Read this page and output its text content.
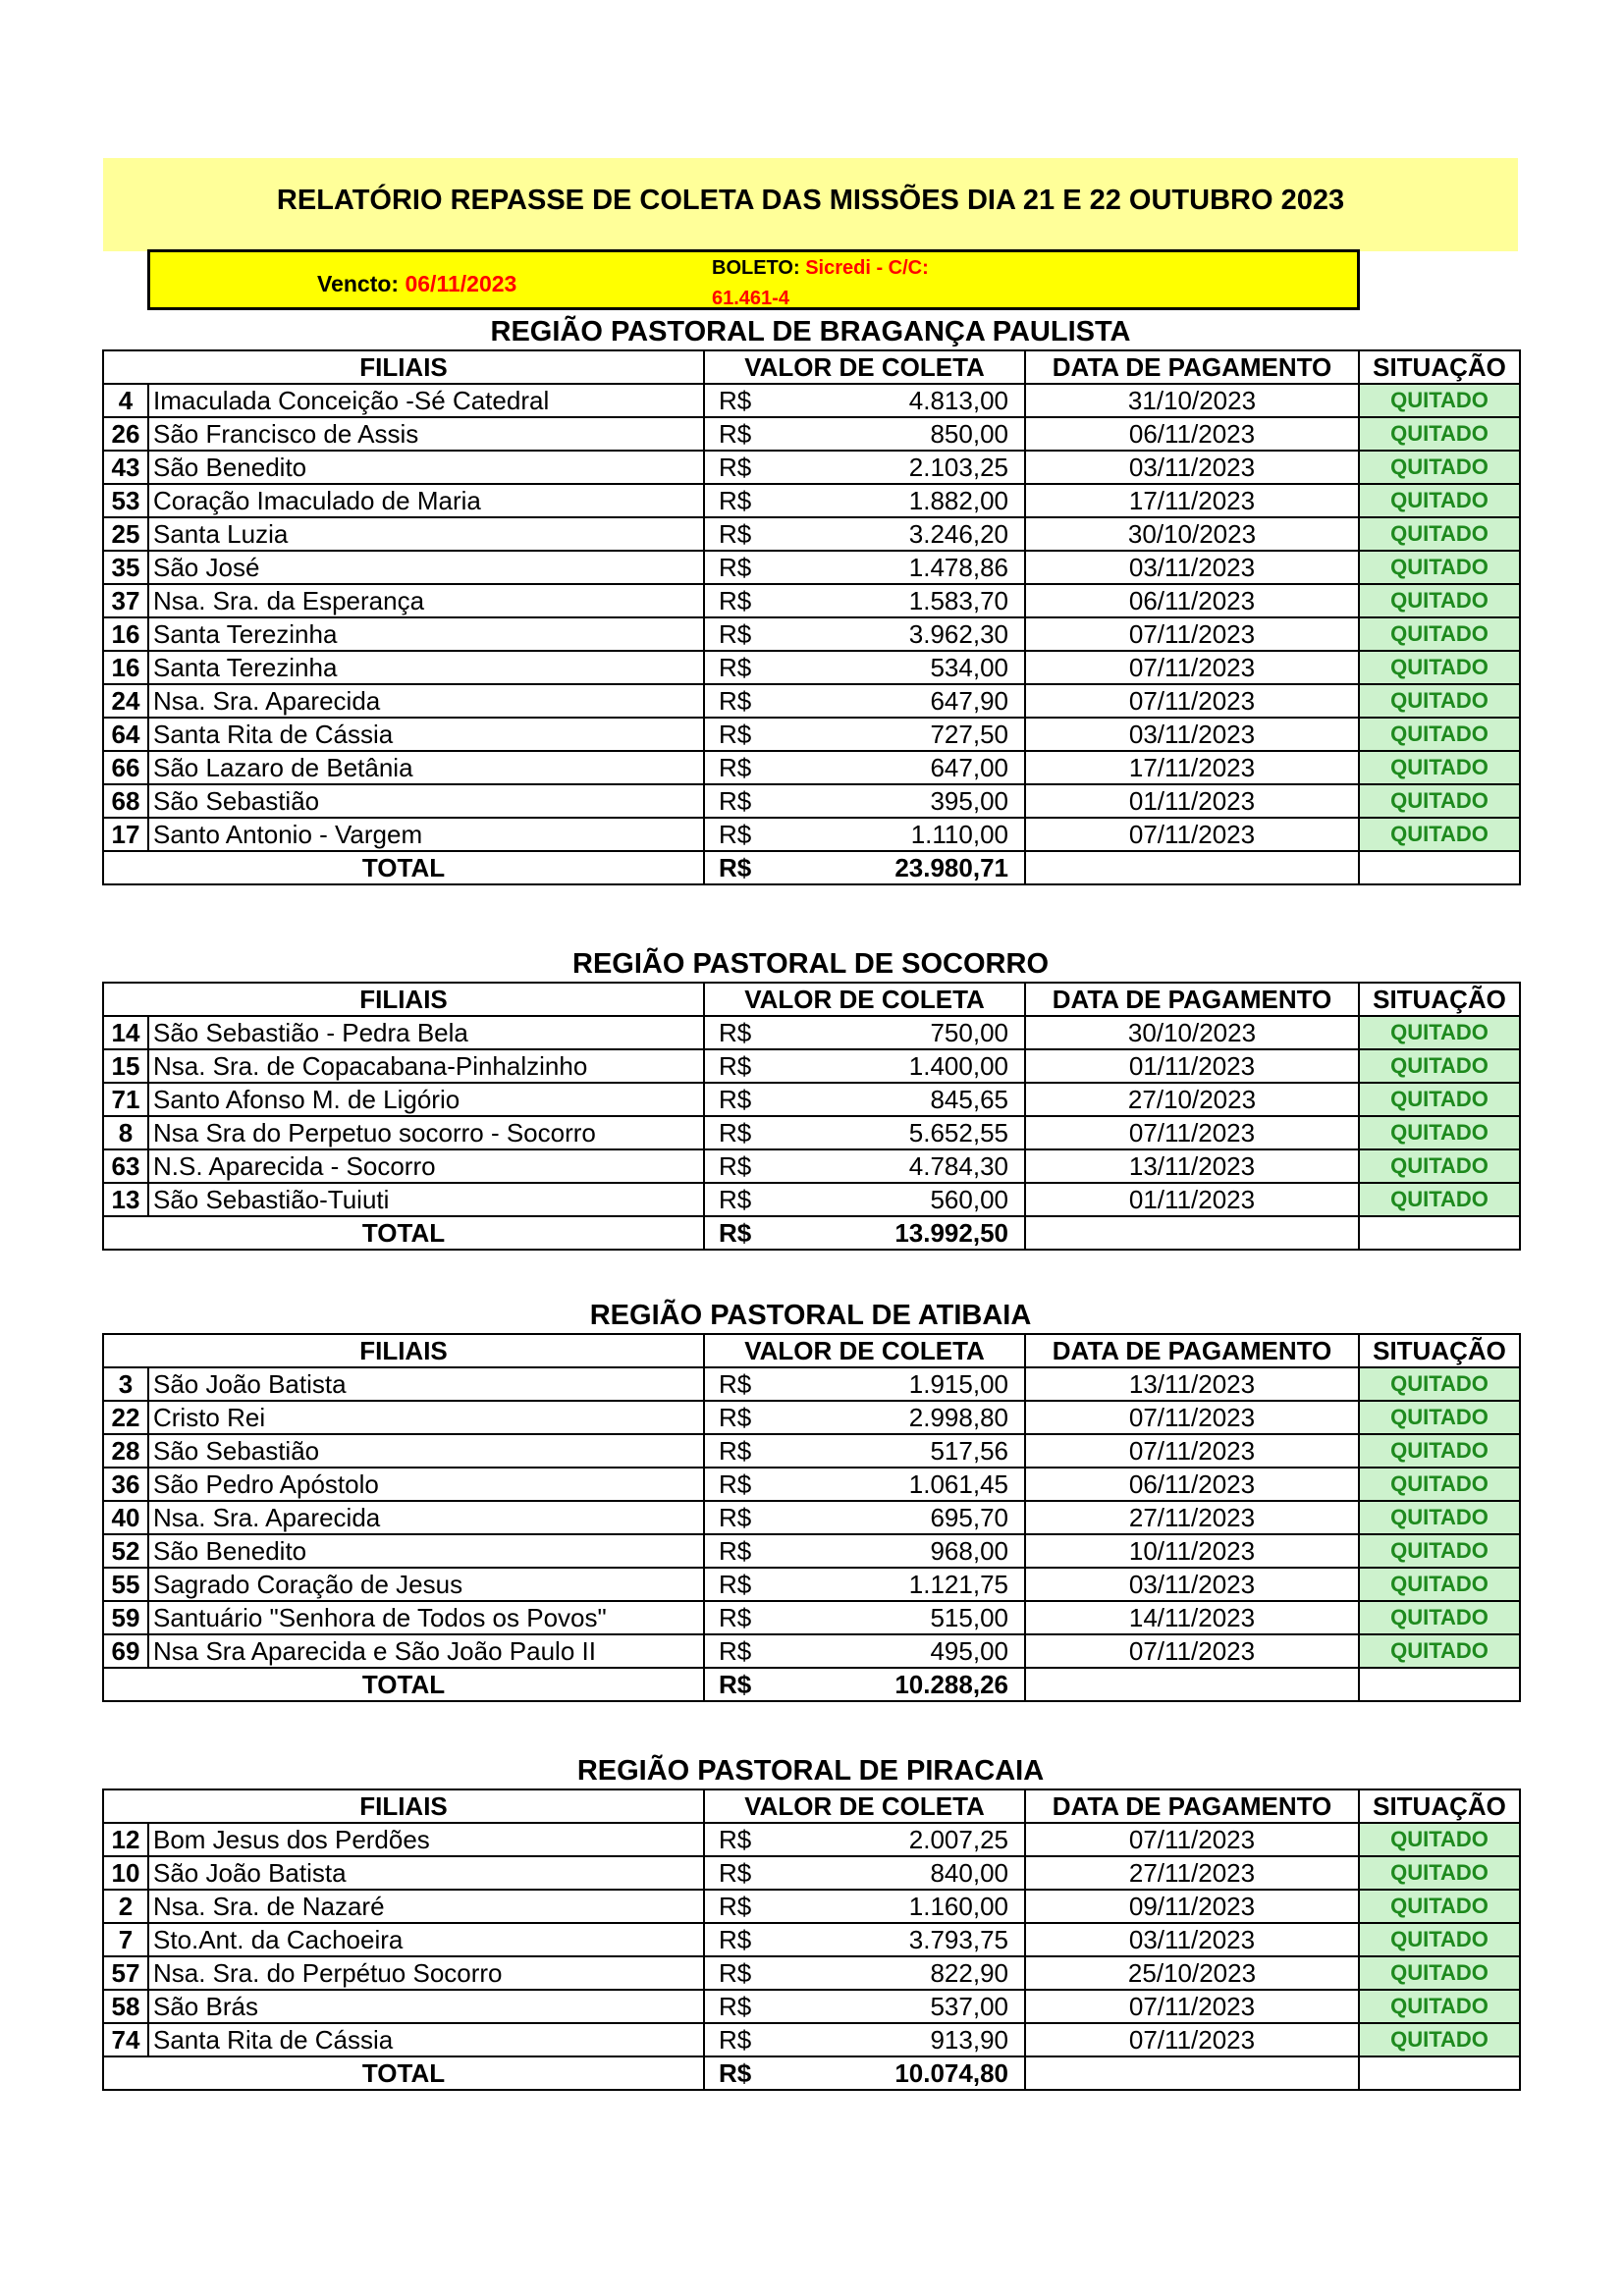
RELATÓRIO REPASSE DE COLETA DAS MISSÕES DIA 21 E 22 OUTUBRO 2023
Vencto: 06/11/2023
BOLETO: Sicredi - C/C:
61.461-4
REGIÃO PASTORAL DE BRAGANÇA PAULISTA
FILIAIS		VALOR DE COLETA		DATA DE PAGAMENTO	SITUAÇÃO
4	Imaculada Conceição -Sé Catedral	R$	4.813,00	31/10/2023	QUITADO
26	São Francisco de Assis	R$	850,00	06/11/2023	QUITADO
43	São Benedito	R$	2.103,25	03/11/2023	QUITADO
53	Coração Imaculado de Maria	R$	1.882,00	17/11/2023	QUITADO
25	Santa Luzia	R$	3.246,20	30/10/2023	QUITADO
35	São José	R$	1.478,86	03/11/2023	QUITADO
37	Nsa. Sra. da Esperança	R$	1.583,70	06/11/2023	QUITADO
16	Santa Terezinha	R$	3.962,30	07/11/2023	QUITADO
16	Santa Terezinha	R$	534,00	07/11/2023	QUITADO
24	Nsa. Sra. Aparecida	R$	647,90	07/11/2023	QUITADO
64	Santa Rita de Cássia	R$	727,50	03/11/2023	QUITADO
66	São Lazaro de Betânia	R$	647,00	17/11/2023	QUITADO
68	São Sebastião	R$	395,00	01/11/2023	QUITADO
17	Santo Antonio - Vargem	R$	1.110,00	07/11/2023	QUITADO
TOTAL		R$	23.980,71		
REGIÃO PASTORAL DE SOCORRO
FILIAIS		VALOR DE COLETA		DATA DE PAGAMENTO	SITUAÇÃO
14	São Sebastião - Pedra Bela	R$	750,00	30/10/2023	QUITADO
15	Nsa. Sra. de Copacabana-Pinhalzinho	R$	1.400,00	01/11/2023	QUITADO
71	Santo Afonso M. de Ligório	R$	845,65	27/10/2023	QUITADO
8	Nsa Sra do Perpetuo socorro - Socorro	R$	5.652,55	07/11/2023	QUITADO
63	N.S. Aparecida - Socorro	R$	4.784,30	13/11/2023	QUITADO
13	São Sebastião-Tuiuti	R$	560,00	01/11/2023	QUITADO
TOTAL		R$	13.992,50		
REGIÃO PASTORAL DE ATIBAIA
FILIAIS		VALOR DE COLETA		DATA DE PAGAMENTO	SITUAÇÃO
3	São João Batista	R$	1.915,00	13/11/2023	QUITADO
22	Cristo Rei	R$	2.998,80	07/11/2023	QUITADO
28	São Sebastião	R$	517,56	07/11/2023	QUITADO
36	São Pedro Apóstolo	R$	1.061,45	06/11/2023	QUITADO
40	Nsa. Sra. Aparecida	R$	695,70	27/11/2023	QUITADO
52	São Benedito	R$	968,00	10/11/2023	QUITADO
55	Sagrado Coração de Jesus	R$	1.121,75	03/11/2023	QUITADO
59	Santuário "Senhora de Todos os Povos"	R$	515,00	14/11/2023	QUITADO
69	Nsa Sra Aparecida e São João Paulo II	R$	495,00	07/11/2023	QUITADO
TOTAL		R$	10.288,26		
REGIÃO PASTORAL DE PIRACAIA
FILIAIS		VALOR DE COLETA		DATA DE PAGAMENTO	SITUAÇÃO
12	Bom Jesus dos Perdões	R$	2.007,25	07/11/2023	QUITADO
10	São João Batista	R$	840,00	27/11/2023	QUITADO
2	Nsa. Sra. de Nazaré	R$	1.160,00	09/11/2023	QUITADO
7	Sto.Ant. da Cachoeira	R$	3.793,75	03/11/2023	QUITADO
57	Nsa. Sra. do Perpétuo Socorro	R$	822,90	25/10/2023	QUITADO
58	São Brás	R$	537,00	07/11/2023	QUITADO
74	Santa Rita de Cássia	R$	913,90	07/11/2023	QUITADO
TOTAL		R$	10.074,80		
